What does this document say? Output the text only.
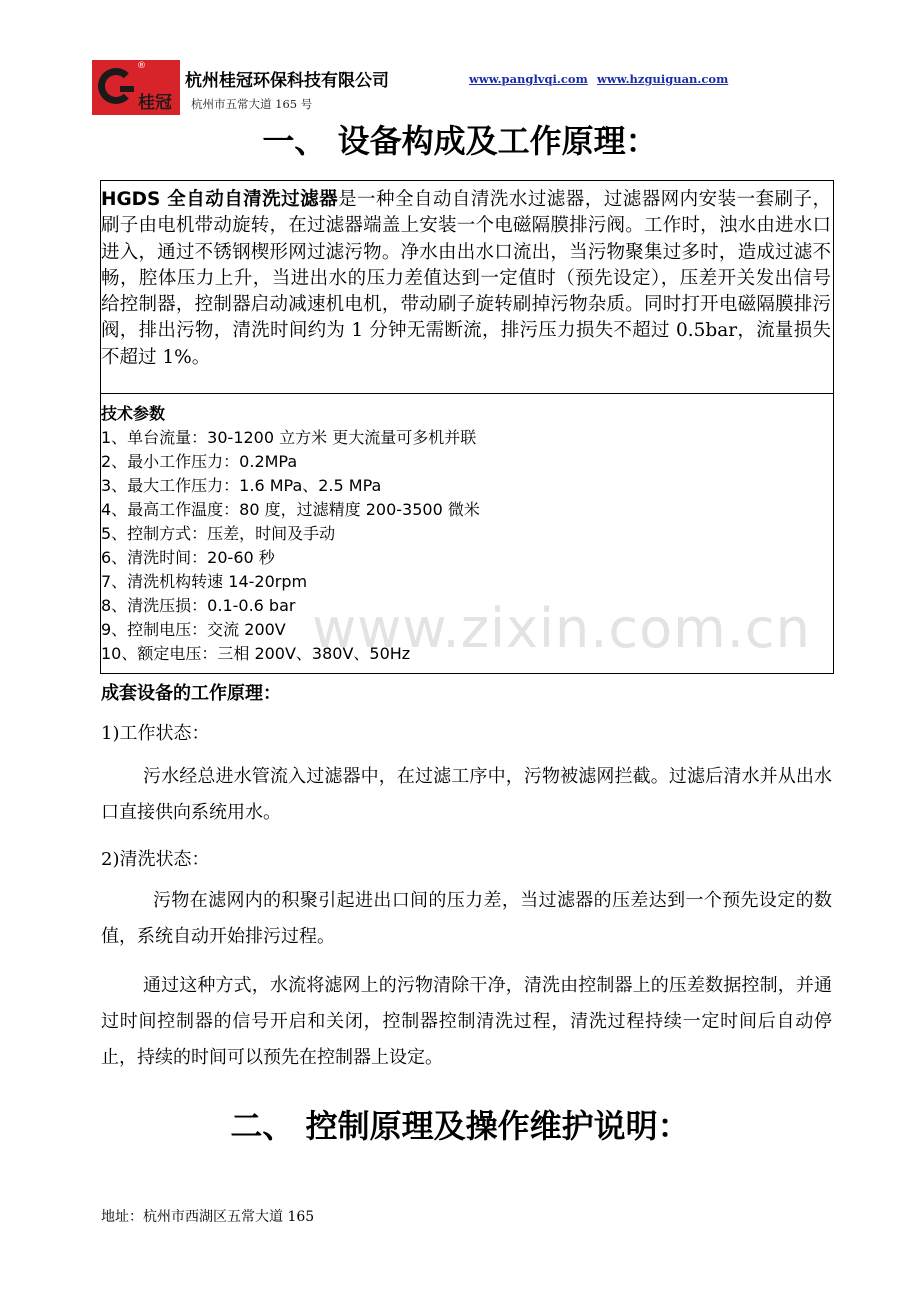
桂冠
®
杭州桂冠环保科技有限公司	www.panglvqi.com www.hzguiguan.com
杭州市五常大道 165 号
一、 设备构成及工作原理：
www.zixin.com.cn
HGDS 全自动自清洗过滤器是一种全自动自清洗水过滤器，过滤器网内安装一套刷子，刷子由电机带动旋转，在过滤器端盖上安装一个电磁隔膜排污阀。工作时，浊水由进水口进入，通过不锈钢楔形网过滤污物。净水由出水口流出，当污物聚集过多时，造成过滤不畅，腔体压力上升，当进出水的压力差值达到一定值时（预先设定），压差开关发出信号给控制器，控制器启动减速机电机，带动刷子旋转刷掉污物杂质。同时打开电磁隔膜排污阀，排出污物，清洗时间约为 1 分钟无需断流，排污压力损失不超过 0.5bar，流量损失不超过 1%。
技术参数
1、单台流量：30-1200 立方米 更大流量可多机并联
2、最小工作压力：0.2MPa
3、最大工作压力：1.6 MPa、2.5 MPa
4、最高工作温度：80 度，过滤精度 200-3500 微米
5、控制方式：压差，时间及手动
6、清洗时间：20-60 秒
7、清洗机构转速 14-20rpm
8、清洗压损：0.1-0.6 bar
9、控制电压：交流 200V
10、额定电压：三相 200V、380V、50Hz
成套设备的工作原理：
1)工作状态：
污水经总进水管流入过滤器中，在过滤工序中，污物被滤网拦截。过滤后清水并从出水口直接供向系统用水。
2)清洗状态：
污物在滤网内的积聚引起进出口间的压力差，当过滤器的压差达到一个预先设定的数值，系统自动开始排污过程。
通过这种方式，水流将滤网上的污物清除干净，清洗由控制器上的压差数据控制，并通过时间控制器的信号开启和关闭，控制器控制清洗过程，清洗过程持续一定时间后自动停止，持续的时间可以预先在控制器上设定。
二、 控制原理及操作维护说明：
地址：杭州市西湖区五常大道 165
